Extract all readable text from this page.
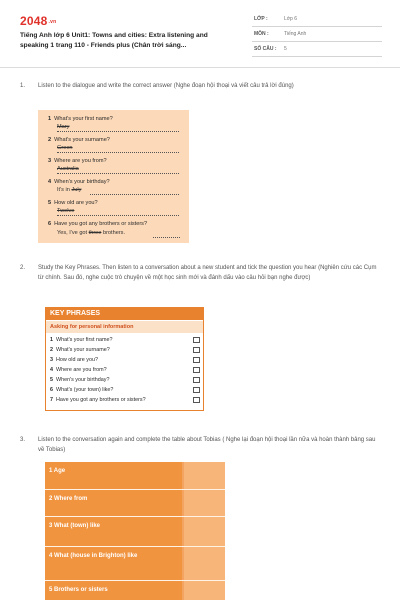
2048.vn
Tiếng Anh lớp 6 Unit1: Towns and cities: Extra listening and speaking 1 trang 110 - Friends plus (Chân trời sáng...
LỚP :	Lớp 6
MÔN :	Tiếng Anh
SỐ CÂU : 5
1. Listen to the dialogue and write the correct answer (Nghe đoạn hội thoại và viết câu trả lời đúng)
1 What's your first name?
Mary
2 What's your surname?
Green
3 Where are you from?
Australia
4 When's your birthday?
It's in July
5 How old are you?
Twelve
6 Have you got any brothers or sisters?
Yes, I've got three brothers.
2. Study the Key Phrases. Then listen to a conversation about a new student and tick the question you hear (Nghiên cứu các Cụm từ chính. Sau đó, nghe cuộc trò chuyện về một học sinh mới và đánh dấu vào câu hỏi bạn nghe được)
KEY PHRASES
Asking for personal information
1 What's your first name?
2 What's your surname?
3 How old are you?
4 Where are you from?
5 When's your birthday?
6 What's (your town) like?
7 Have you got any brothers or sisters?
3. Listen to the conversation again and complete the table about Tobias ( Nghe lại đoạn hội thoại lần nữa và hoàn thành bảng sau về Tobias)
1 Age
2 Where from
3 What (town) like
4 What (house in Brighton) like
5 Brothers or sisters
